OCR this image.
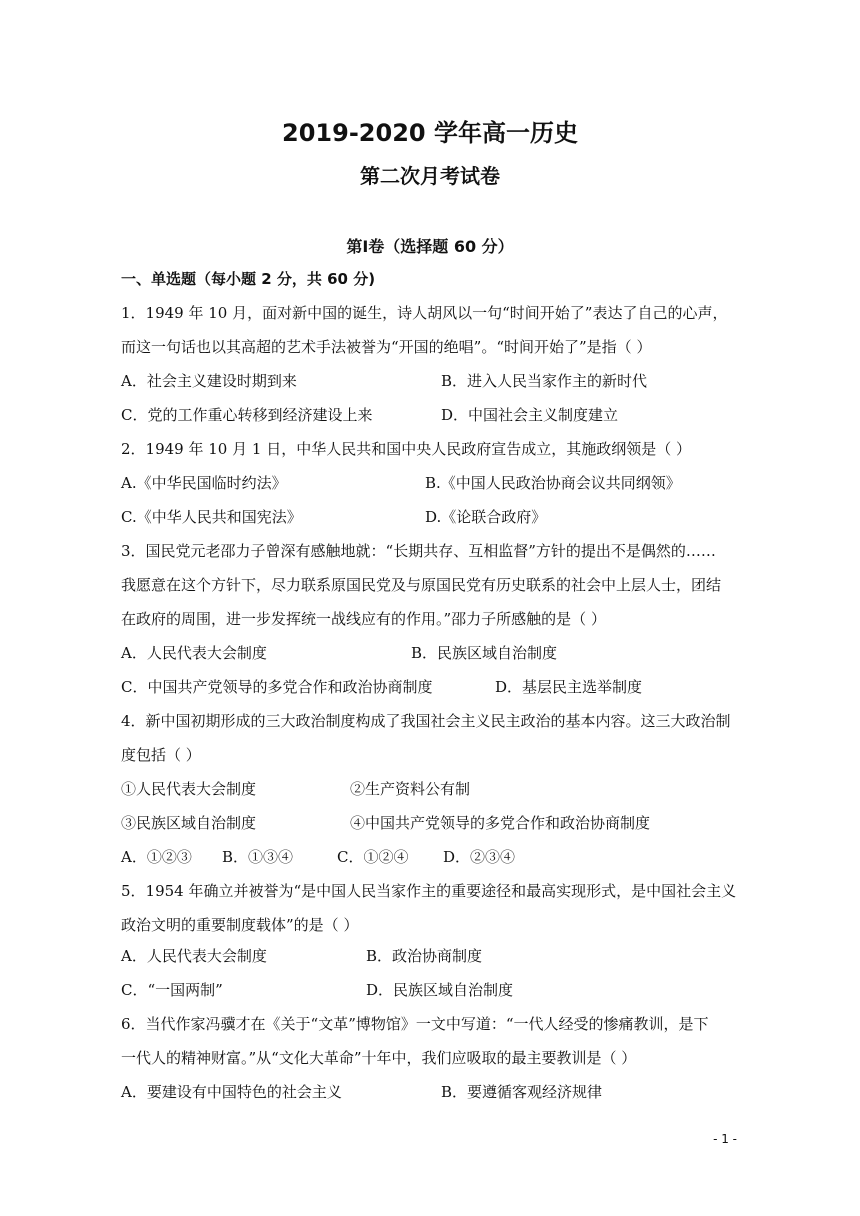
2019-2020 学年高一历史
第二次月考试卷
第Ⅰ卷（选择题 60 分）
一、单选题（每小题 2 分，共 60 分)
1．1949 年 10 月，面对新中国的诞生，诗人胡风以一句“时间开始了”表达了自己的心声，
而这一句话也以其高超的艺术手法被誉为“开国的绝唱”。“时间开始了”是指（ ）
A．社会主义建设时期到来	B．进入人民当家作主的新时代
C．党的工作重心转移到经济建设上来	D．中国社会主义制度建立
2．1949 年 10 月 1 日，中华人民共和国中央人民政府宣告成立，其施政纲领是（ ）
A.《中华民国临时约法》	B.《中国人民政治协商会议共同纲领》
C.《中华人民共和国宪法》	D.《论联合政府》
3．国民党元老邵力子曾深有感触地就：“长期共存、互相监督”方针的提出不是偶然的……
我愿意在这个方针下，尽力联系原国民党及与原国民党有历史联系的社会中上层人士，团结
在政府的周围，进一步发挥统一战线应有的作用。”邵力子所感触的是（ ）
A．人民代表大会制度	B．民族区域自治制度
C．中国共产党领导的多党合作和政治协商制度	D．基层民主选举制度
4．新中国初期形成的三大政治制度构成了我国社会主义民主政治的基本内容。这三大政治制
度包括（ ）
①人民代表大会制度	②生产资料公有制
③民族区域自治制度	④中国共产党领导的多党合作和政治协商制度
A．①②③ B．①③④	C．①②④ D．②③④
5．1954 年确立并被誉为“是中国人民当家作主的重要途径和最高实现形式，是中国社会主义
政治文明的重要制度载体”的是（ ）
A．人民代表大会制度	B．政治协商制度
C．“一国两制”	D．民族区域自治制度
6．当代作家冯骥才在《关于“文革”博物馆》一文中写道：“一代人经受的惨痛教训，是下
一代人的精神财富。”从“文化大革命”十年中，我们应吸取的最主要教训是（ ）
A．要建设有中国特色的社会主义	B．要遵循客观经济规律
- 1 -
